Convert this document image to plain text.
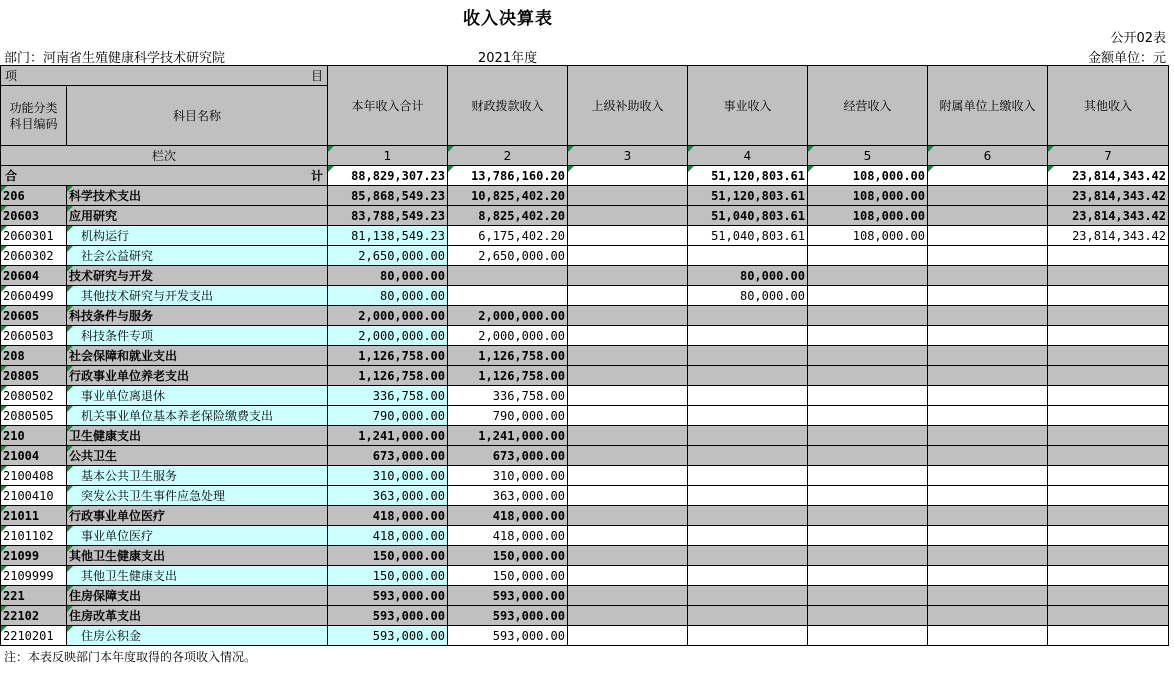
收入决算表
公开02表
部门：河南省生殖健康科学技术研究院	2021年度	金额单位：元
项 目		本年收入合计	财政拨款收入	上级补助收入	事业收入	经营收入	附属单位上缴收入	其他收入
功能分类
科目编码	科目名称							

栏次		1	2	3	4	5	6	7

合 计		88,829,307.23	13,786,160.20		51,120,803.61	108,000.00		23,814,343.42
206	科学技术支出	85,868,549.23	10,825,402.20		51,120,803.61	108,000.00		23,814,343.42
20603	应用研究	83,788,549.23	8,825,402.20		51,040,803.61	108,000.00		23,814,343.42
2060301	机构运行	81,138,549.23	6,175,402.20		51,040,803.61	108,000.00		23,814,343.42
2060302	社会公益研究	2,650,000.00	2,650,000.00					
20604	技术研究与开发	80,000.00			80,000.00			
2060499	其他技术研究与开发支出	80,000.00			80,000.00			
20605	科技条件与服务	2,000,000.00	2,000,000.00					
2060503	科技条件专项	2,000,000.00	2,000,000.00					
208	社会保障和就业支出	1,126,758.00	1,126,758.00					
20805	行政事业单位养老支出	1,126,758.00	1,126,758.00					
2080502	事业单位离退休	336,758.00	336,758.00					
2080505	机关事业单位基本养老保险缴费支出	790,000.00	790,000.00					
210	卫生健康支出	1,241,000.00	1,241,000.00					
21004	公共卫生	673,000.00	673,000.00					
2100408	基本公共卫生服务	310,000.00	310,000.00					
2100410	突发公共卫生事件应急处理	363,000.00	363,000.00					
21011	行政事业单位医疗	418,000.00	418,000.00					
2101102	事业单位医疗	418,000.00	418,000.00					
21099	其他卫生健康支出	150,000.00	150,000.00					
2109999	其他卫生健康支出	150,000.00	150,000.00					
221	住房保障支出	593,000.00	593,000.00					
22102	住房改革支出	593,000.00	593,000.00					
2210201	住房公积金	593,000.00	593,000.00					
注：本表反映部门本年度取得的各项收入情况。
